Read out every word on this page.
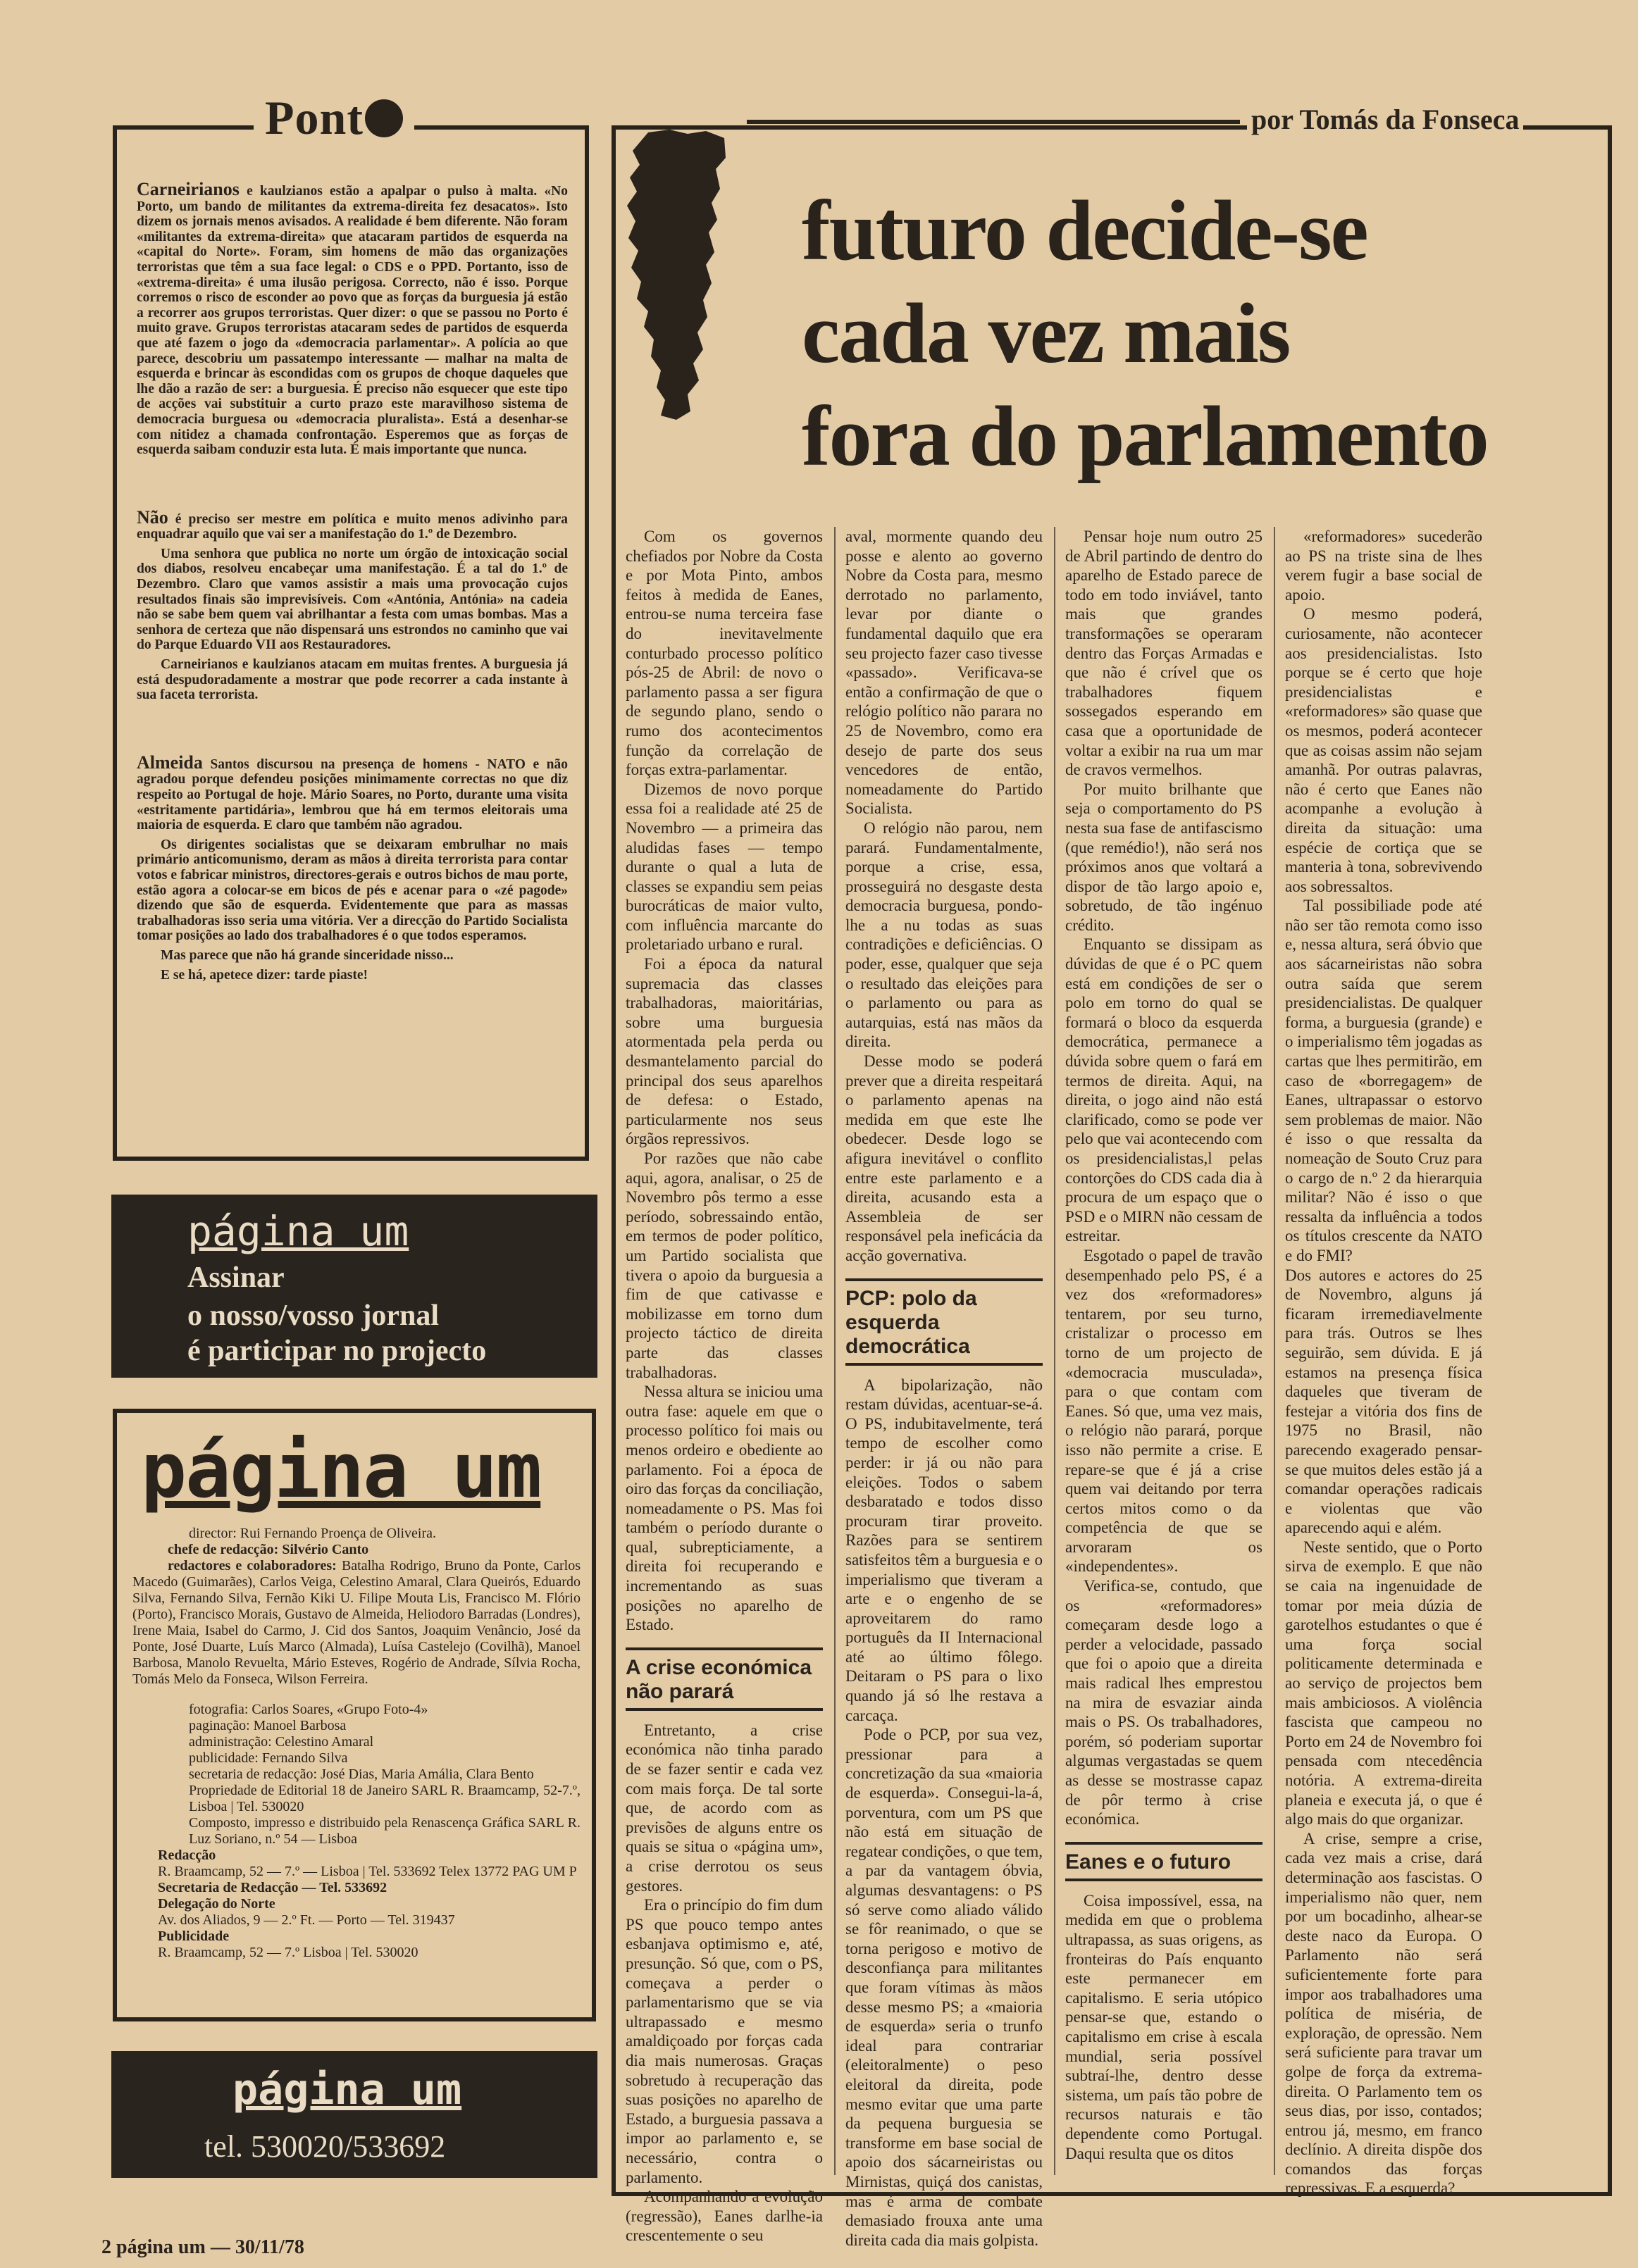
Pont

Carneirianos e kaulzianos estão a apalpar o pulso à malta. «No Porto, um bando de militantes da extrema-direita fez desacatos». Isto dizem os jornais menos avisados. A realidade é bem diferente. Não foram «militantes da extrema-direita» que atacaram partidos de esquerda na «capital do Norte». Foram, sim homens de mão das organizações terroristas que têm a sua face legal: o CDS e o PPD. Portanto, isso de «extrema-direita» é uma ilusão perigosa. Correcto, não é isso. Porque corremos o risco de esconder ao povo que as forças da burguesia já estão a recorrer aos grupos terroristas. Quer dizer: o que se passou no Porto é muito grave. Grupos terroristas atacaram sedes de partidos de esquerda que até fazem o jogo da «democracia parlamentar». A polícia ao que parece, descobriu um passatempo interessante — malhar na malta de esquerda e brincar às escondidas com os grupos de choque daqueles que lhe dão a razão de ser: a burguesia. É preciso não esquecer que este tipo de acções vai substituir a curto prazo este maravilhoso sistema de democracia burguesa ou «democracia pluralista». Está a desenhar-se com nitidez a chamada confrontação. Esperemos que as forças de esquerda saibam conduzir esta luta. É mais importante que nunca.

Não é preciso ser mestre em política e muito menos adivinho para enquadrar aquilo que vai ser a manifestação do 1.º de Dezembro.

Uma senhora que publica no norte um órgão de intoxicação social dos diabos, resolveu encabeçar uma manifestação. É a tal do 1.º de Dezembro. Claro que vamos assistir a mais uma provocação cujos resultados finais são imprevisíveis. Com «Antónia, Antónia» na cadeia não se sabe bem quem vai abrilhantar a festa com umas bombas. Mas a senhora de certeza que não dispensará uns estrondos no caminho que vai do Parque Eduardo VII aos Restauradores.

Carneirianos e kaulzianos atacam em muitas frentes. A burguesia já está despudoradamente a mostrar que pode recorrer a cada instante à sua faceta terrorista.

Almeida Santos discursou na presença de homens - NATO e não agradou porque defendeu posições minimamente correctas no que diz respeito ao Portugal de hoje. Mário Soares, no Porto, durante uma visita «estritamente partidária», lembrou que há em termos eleitorais uma maioria de esquerda. E claro que também não agradou.

Os dirigentes socialistas que se deixaram embrulhar no mais primário anticomunismo, deram as mãos à direita terrorista para contar votos e fabricar ministros, directores-gerais e outros bichos de mau porte, estão agora a colocar-se em bicos de pés e acenar para o «zé pagode» dizendo que são de esquerda. Evidentemente que para as massas trabalhadoras isso seria uma vitória. Ver a direcção do Partido Socialista tomar posições ao lado dos trabalhadores é o que todos esperamos.

Mas parece que não há grande sinceridade nisso...

E se há, apetece dizer: tarde piaste!

página um
Assinar
o nosso/vosso jornal
é participar no projecto
página um

director: Rui Fernando Proença de Oliveira.

chefe de redacção: Silvério Canto

redactores e colaboradores: Batalha Rodrigo, Bruno da Ponte, Carlos Macedo (Guimarães), Carlos Veiga, Celestino Amaral, Clara Queirós, Eduardo Silva, Fernando Silva, Fernão Kiki U. Filipe Mouta Lis, Francisco M. Flório (Porto), Francisco Morais, Gustavo de Almeida, Heliodoro Barradas (Londres), Irene Maia, Isabel do Carmo, J. Cid dos Santos, Joaquim Venâncio, José da Ponte, José Duarte, Luís Marco (Almada), Luísa Castelejo (Covilhã), Manoel Barbosa, Manolo Revuelta, Mário Esteves, Rogério de Andrade, Sílvia Rocha, Tomás Melo da Fonseca, Wilson Ferreira.

fotografia: Carlos Soares, «Grupo Foto-4»

paginação: Manoel Barbosa

administração: Celestino Amaral

publicidade: Fernando Silva

secretaria de redacção: José Dias, Maria Amália, Clara Bento

Propriedade de Editorial 18 de Janeiro SARL R. Braamcamp, 52-7.º, Lisboa | Tel. 530020

Composto, impresso e distribuido pela Renascença Gráfica SARL R. Luz Soriano, n.º 54 — Lisboa

Redacção

R. Braamcamp, 52 — 7.º — Lisboa | Tel. 533692 Telex 13772 PAG UM P

Secretaria de Redacção — Tel. 533692

Delegação do Norte

Av. dos Aliados, 9 — 2.º Ft. — Porto — Tel. 319437

Publicidade

R. Braamcamp, 52 — 7.º Lisboa | Tel. 530020

página um
tel. 530020/533692
2 página um — 30/11/78
por Tomás da Fonseca
futuro decide-se
cada vez mais
fora do parlamento

Com os governos chefiados por Nobre da Costa e por Mota Pinto, ambos feitos à medida de Eanes, entrou-se numa terceira fase do inevitavelmente conturbado processo político pós-25 de Abril: de novo o parlamento passa a ser figura de segundo plano, sendo o rumo dos acontecimentos função da correlação de forças extra-parlamentar.

Dizemos de novo porque essa foi a realidade até 25 de Novembro — a primeira das aludidas fases — tempo durante o qual a luta de classes se expandiu sem peias burocráticas de maior vulto, com influência marcante do proletariado urbano e rural.

Foi a época da natural supremacia das classes trabalhadoras, maioritárias, sobre uma burguesia atormentada pela perda ou desmantelamento parcial do principal dos seus aparelhos de defesa: o Estado, particularmente nos seus órgãos repressivos.

Por razões que não cabe aqui, agora, analisar, o 25 de Novembro pôs termo a esse período, sobressaindo então, em termos de poder político, um Partido socialista que tivera o apoio da burguesia a fim de que cativasse e mobilizasse em torno dum projecto táctico de direita parte das classes trabalhadoras.

Nessa altura se iniciou uma outra fase: aquele em que o processo político foi mais ou menos ordeiro e obediente ao parlamento. Foi a época de oiro das forças da conciliação, nomeadamente o PS. Mas foi também o período durante o qual, subrepticiamente, a direita foi recuperando e incrementando as suas posições no aparelho de Estado.

A crise económica não parará

Entretanto, a crise económica não tinha parado de se fazer sentir e cada vez com mais força. De tal sorte que, de acordo com as previsões de alguns entre os quais se situa o «página um», a crise derrotou os seus gestores.

Era o princípio do fim dum PS que pouco tempo antes esbanjava optimismo e, até, presunção. Só que, com o PS, começava a perder o parlamentarismo que se via ultrapassado e mesmo amaldiçoado por forças cada dia mais numerosas. Graças sobretudo à recuperação das suas posições no aparelho de Estado, a burguesia passava a impor ao parlamento e, se necessário, contra o parlamento.

Acompanhando a evolução (regressão), Eanes darlhe-ia crescentemente o seu

aval, mormente quando deu posse e alento ao governo Nobre da Costa para, mesmo derrotado no parlamento, levar por diante o fundamental daquilo que era seu projecto fazer caso tivesse «passado». Verificava-se então a confirmação de que o relógio político não parara no 25 de Novembro, como era desejo de parte dos seus vencedores de então, nomeadamente do Partido Socialista.

O relógio não parou, nem parará. Fundamentalmente, porque a crise, essa, prosseguirá no desgaste desta democracia burguesa, pondo-lhe a nu todas as suas contradições e deficiências. O poder, esse, qualquer que seja o resultado das eleições para o parlamento ou para as autarquias, está nas mãos da direita.

Desse modo se poderá prever que a direita respeitará o parlamento apenas na medida em que este lhe obedecer. Desde logo se afigura inevitável o conflito entre este parlamento e a direita, acusando esta a Assembleia de ser responsável pela ineficácia da acção governativa.

PCP: polo da esquerda democrática

A bipolarização, não restam dúvidas, acentuar-se-á. O PS, indubitavelmente, terá tempo de escolher como perder: ir já ou não para eleições. Todos o sabem desbaratado e todos disso procuram tirar proveito. Razões para se sentirem satisfeitos têm a burguesia e o imperialismo que tiveram a arte e o engenho de se aproveitarem do ramo português da II Internacional até ao último fôlego. Deitaram o PS para o lixo quando já só lhe restava a carcaça.

Pode o PCP, por sua vez, pressionar para a concretização da sua «maioria de esquerda». Consegui-la-á, porventura, com um PS que não está em situação de regatear condições, o que tem, a par da vantagem óbvia, algumas desvantagens: o PS só serve como aliado válido se fôr reanimado, o que se torna perigoso e motivo de desconfiança para militantes que foram vítimas às mãos desse mesmo PS; a «maioria de esquerda» seria o trunfo ideal para contrariar (eleitoralmente) o peso eleitoral da direita, pode mesmo evitar que uma parte da pequena burguesia se transforme em base social de apoio dos sácarneiristas ou Mirnistas, quiçá dos canistas, mas é arma de combate demasiado frouxa ante uma direita cada dia mais golpista.

Pensar hoje num outro 25 de Abril partindo de dentro do aparelho de Estado parece de todo em todo inviável, tanto mais que grandes transformações se operaram dentro das Forças Armadas e que não é crível que os trabalhadores fiquem sossegados esperando em casa que a oportunidade de voltar a exibir na rua um mar de cravos vermelhos.

Por muito brilhante que seja o comportamento do PS nesta sua fase de antifascismo (que remédio!), não será nos próximos anos que voltará a dispor de tão largo apoio e, sobretudo, de tão ingénuo crédito.

Enquanto se dissipam as dúvidas de que é o PC quem está em condições de ser o polo em torno do qual se formará o bloco da esquerda democrática, permanece a dúvida sobre quem o fará em termos de direita. Aqui, na direita, o jogo aind não está clarificado, como se pode ver pelo que vai acontecendo com os presidencialistas,l pelas contorções do CDS cada dia à procura de um espaço que o PSD e o MIRN não cessam de estreitar.

Esgotado o papel de travão desempenhado pelo PS, é a vez dos «reformadores» tentarem, por seu turno, cristalizar o processo em torno de um projecto de «democracia musculada», para o que contam com Eanes. Só que, uma vez mais, o relógio não parará, porque isso não permite a crise. E repare-se que é já a crise quem vai deitando por terra certos mitos como o da competência de que se arvoraram os «independentes».

Verifica-se, contudo, que os «reformadores» começaram desde logo a perder a velocidade, passado que foi o apoio que a direita mais radical lhes emprestou na mira de esvaziar ainda mais o PS. Os trabalhadores, porém, só poderiam suportar algumas vergastadas se quem as desse se mostrasse capaz de pôr termo à crise económica.

Eanes e o futuro

Coisa impossível, essa, na medida em que o problema ultrapassa, as suas origens, as fronteiras do País enquanto este permanecer em capitalismo. E seria utópico pensar-se que, estando o capitalismo em crise à escala mundial, seria possível subtraí-lhe, dentro desse sistema, um país tão pobre de recursos naturais e tão dependente como Portugal. Daqui resulta que os ditos

«reformadores» sucederão ao PS na triste sina de lhes verem fugir a base social de apoio.

O mesmo poderá, curiosamente, não acontecer aos presidencialistas. Isto porque se é certo que hoje presidencialistas e «reformadores» são quase que os mesmos, poderá acontecer que as coisas assim não sejam amanhã. Por outras palavras, não é certo que Eanes não acompanhe a evolução à direita da situação: uma espécie de cortiça que se manteria à tona, sobrevivendo aos sobressaltos.

Tal possibiliade pode até não ser tão remota como isso e, nessa altura, será óbvio que aos sácarneiristas não sobra outra saída que serem presidencialistas. De qualquer forma, a burguesia (grande) e o imperialismo têm jogadas as cartas que lhes permitirão, em caso de «borregagem» de Eanes, ultrapassar o estorvo sem problemas de maior. Não é isso o que ressalta da nomeação de Souto Cruz para o cargo de n.º 2 da hierarquia militar? Não é isso o que ressalta da influência a todos os títulos crescente da NATO e do FMI?

Dos autores e actores do 25 de Novembro, alguns já ficaram irremediavelmente para trás. Outros se lhes seguirão, sem dúvida. E já estamos na presença física daqueles que tiveram de festejar a vitória dos fins de 1975 no Brasil, não parecendo exagerado pensar-se que muitos deles estão já a comandar operações radicais e violentas que vão aparecendo aqui e além.

Neste sentido, que o Porto sirva de exemplo. E que não se caia na ingenuidade de tomar por meia dúzia de garotelhos estudantes o que é uma força social politicamente determinada e ao serviço de projectos bem mais ambiciosos. A violência fascista que campeou no Porto em 24 de Novembro foi pensada com ntecedência notória. A extrema-direita planeia e executa já, o que é algo mais do que organizar.

A crise, sempre a crise, cada vez mais a crise, dará determinação aos fascistas. O imperialismo não quer, nem por um bocadinho, alhear-se deste naco da Europa. O Parlamento não será suficientemente forte para impor aos trabalhadores uma política de miséria, de exploração, de opressão. Nem será suficiente para travar um golpe de força da extrema-direita. O Parlamento tem os seus dias, por isso, contados; entrou já, mesmo, em franco declínio. A direita dispõe dos comandos das forças repressivas. E a esquerda?
